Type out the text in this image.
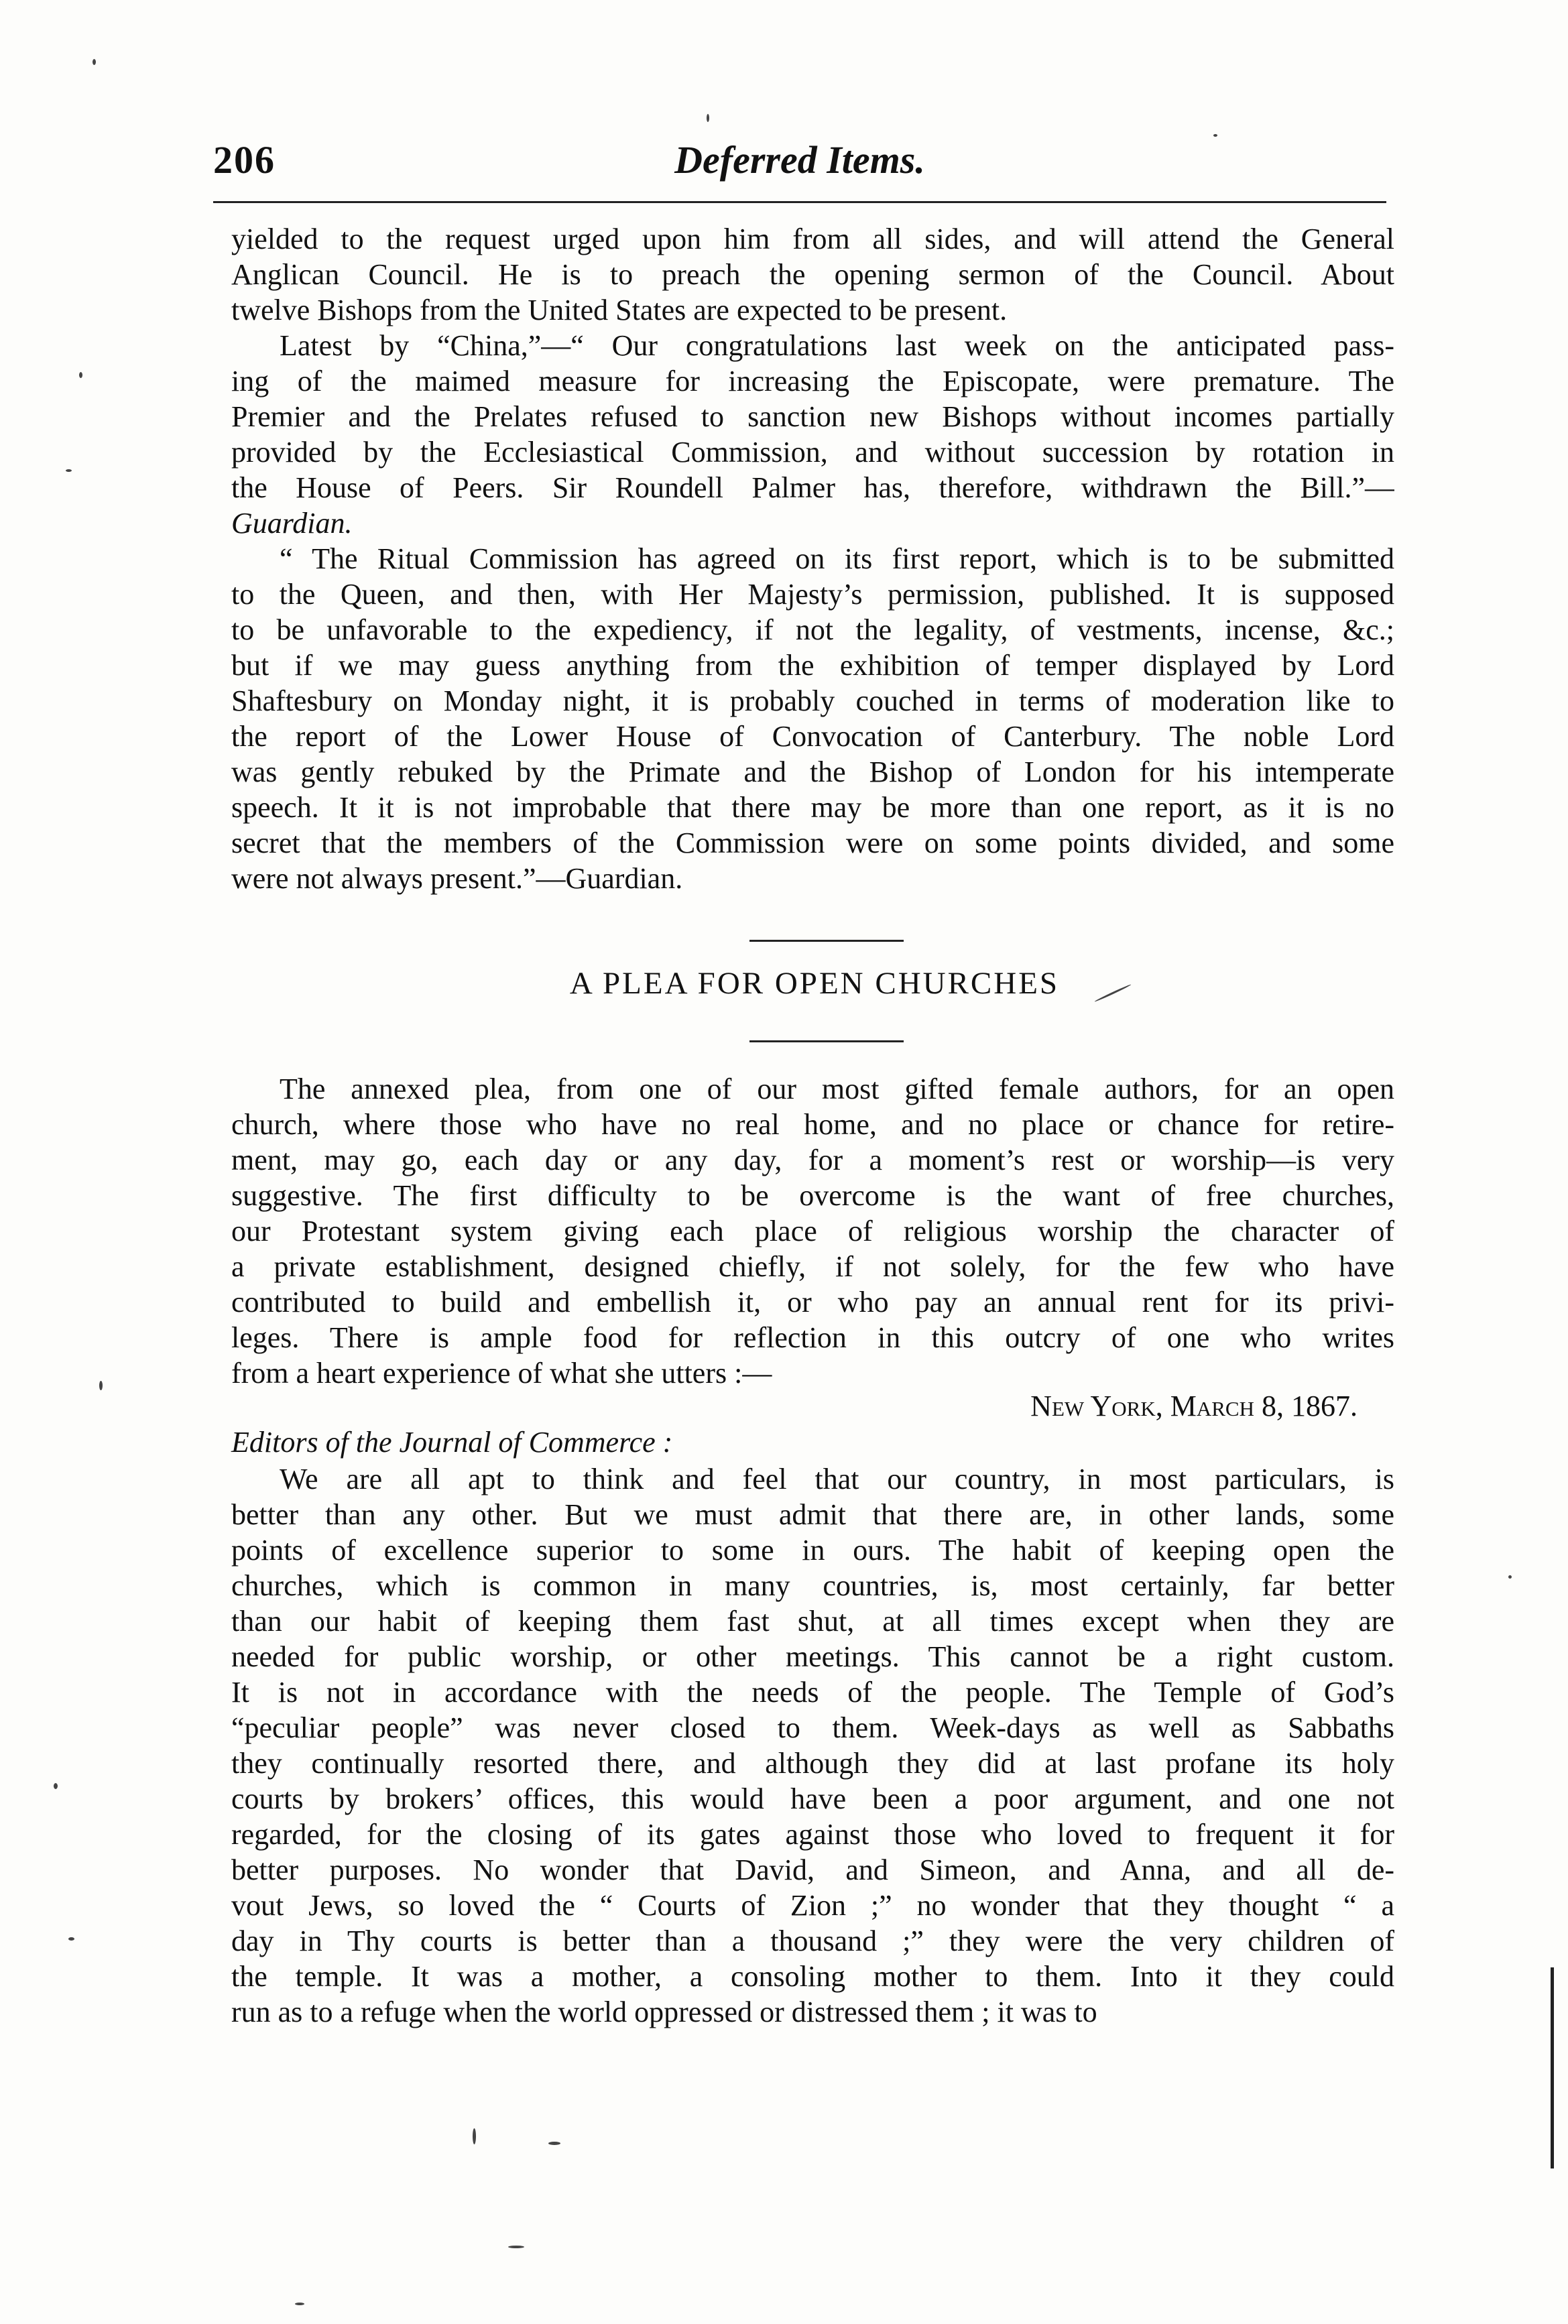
206	Deferred Items.
yielded to the request urged upon him from all sides, and will attend the General
Anglican Council. He is to preach the opening sermon of the Council. About
twelve Bishops from the United States are expected to be present.
Latest by “China,”—“ Our congratulations last week on the anticipated pass-
ing of the maimed measure for increasing the Episcopate, were premature. The
Premier and the Prelates refused to sanction new Bishops without incomes partially
provided by the Ecclesiastical Commission, and without succession by rotation in
the House of Peers. Sir Roundell Palmer has, therefore, withdrawn the Bill.”—
Guardian.
“ The Ritual Commission has agreed on its first report, which is to be submitted
to the Queen, and then, with Her Majesty’s permission, published. It is supposed
to be unfavorable to the expediency, if not the legality, of vestments, incense, &c.;
but if we may guess anything from the exhibition of temper displayed by Lord
Shaftesbury on Monday night, it is probably couched in terms of moderation like to
the report of the Lower House of Convocation of Canterbury. The noble Lord
was gently rebuked by the Primate and the Bishop of London for his intemperate
speech. It it is not improbable that there may be more than one report, as it is no
secret that the members of the Commission were on some points divided, and some
were not always present.”—Guardian.
A PLEA FOR OPEN CHURCHES
The annexed plea, from one of our most gifted female authors, for an open
church, where those who have no real home, and no place or chance for retire-
ment, may go, each day or any day, for a moment’s rest or worship—is very
suggestive. The first difficulty to be overcome is the want of free churches,
our Protestant system giving each place of religious worship the character of
a private establishment, designed chiefly, if not solely, for the few who have
contributed to build and embellish it, or who pay an annual rent for its privi-
leges. There is ample food for reflection in this outcry of one who writes
from a heart experience of what she utters :—
New York, March 8, 1867.
Editors of the Journal of Commerce :
We are all apt to think and feel that our country, in most particulars, is
better than any other. But we must admit that there are, in other lands, some
points of excellence superior to some in ours. The habit of keeping open the
churches, which is common in many countries, is, most certainly, far better
than our habit of keeping them fast shut, at all times except when they are
needed for public worship, or other meetings. This cannot be a right custom.
It is not in accordance with the needs of the people. The Temple of God’s
“peculiar people” was never closed to them. Week-days as well as Sabbaths
they continually resorted there, and although they did at last profane its holy
courts by brokers’ offices, this would have been a poor argument, and one not
regarded, for the closing of its gates against those who loved to frequent it for
better purposes. No wonder that David, and Simeon, and Anna, and all de-
vout Jews, so loved the “ Courts of Zion ;” no wonder that they thought “ a
day in Thy courts is better than a thousand ;” they were the very children of
the temple. It was a mother, a consoling mother to them. Into it they could
run as to a refuge when the world oppressed or distressed them ; it was to
